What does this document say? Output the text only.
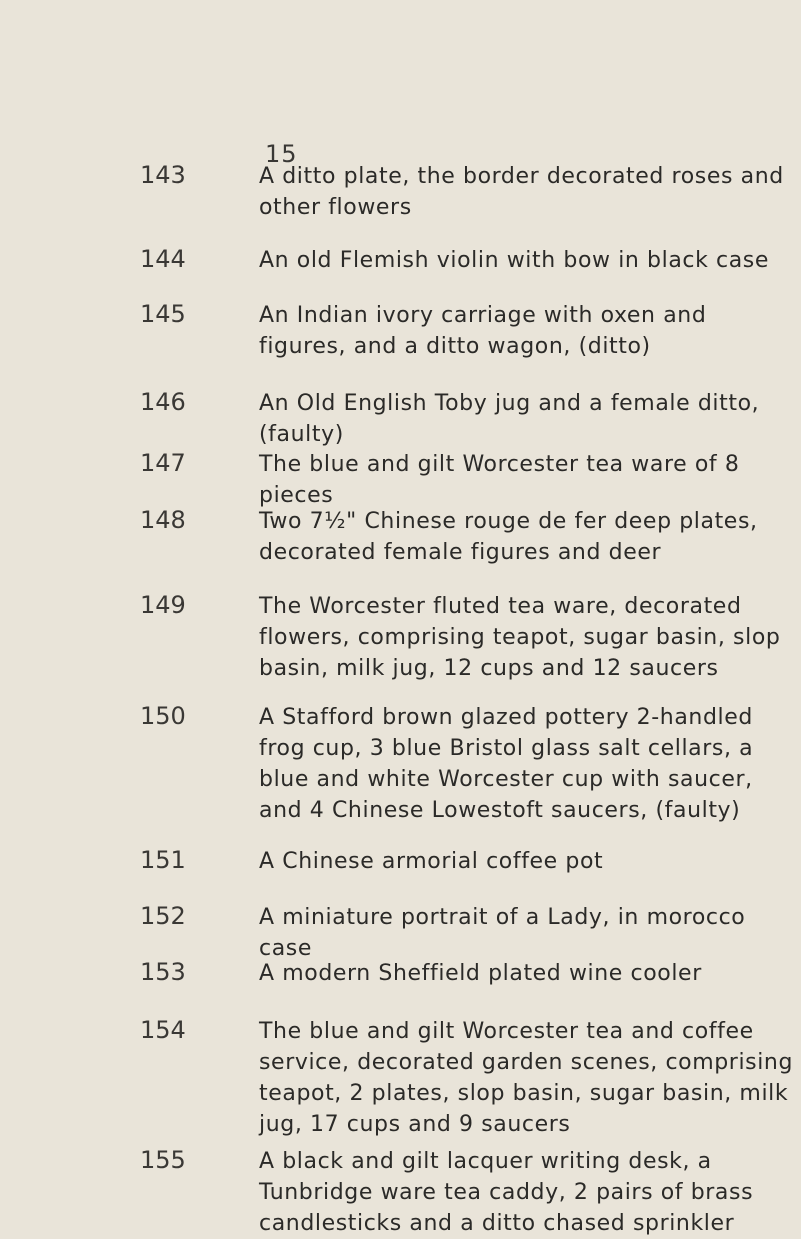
15
143	A ditto plate, the border decorated roses and other flowers
144	An old Flemish violin with bow in black case
145	An Indian ivory carriage with oxen and figures, and a ditto wagon, (ditto)
146	An Old English Toby jug and a female ditto, (faulty)
147	The blue and gilt Worcester tea ware of 8 pieces
148	Two 7½" Chinese rouge de fer deep plates, decorated female figures and deer
149	The Worcester fluted tea ware, decorated flowers, comprising teapot, sugar basin, slop basin, milk jug, 12 cups and 12 saucers
150	A Stafford brown glazed pottery 2-handled frog cup, 3 blue Bristol glass salt cellars, a blue and white Worcester cup with saucer, and 4 Chinese Lowestoft saucers, (faulty)
151	A Chinese armorial coffee pot
152	A miniature portrait of a Lady, in morocco case
153	A modern Sheffield plated wine cooler
154	The blue and gilt Worcester tea and coffee service, decorated garden scenes, comprising teapot, 2 plates, slop basin, sugar basin, milk jug, 17 cups and 9 saucers
155	A black and gilt lacquer writing desk, a Tunbridge ware tea caddy, 2 pairs of brass candlesticks and a ditto chased sprinkler
